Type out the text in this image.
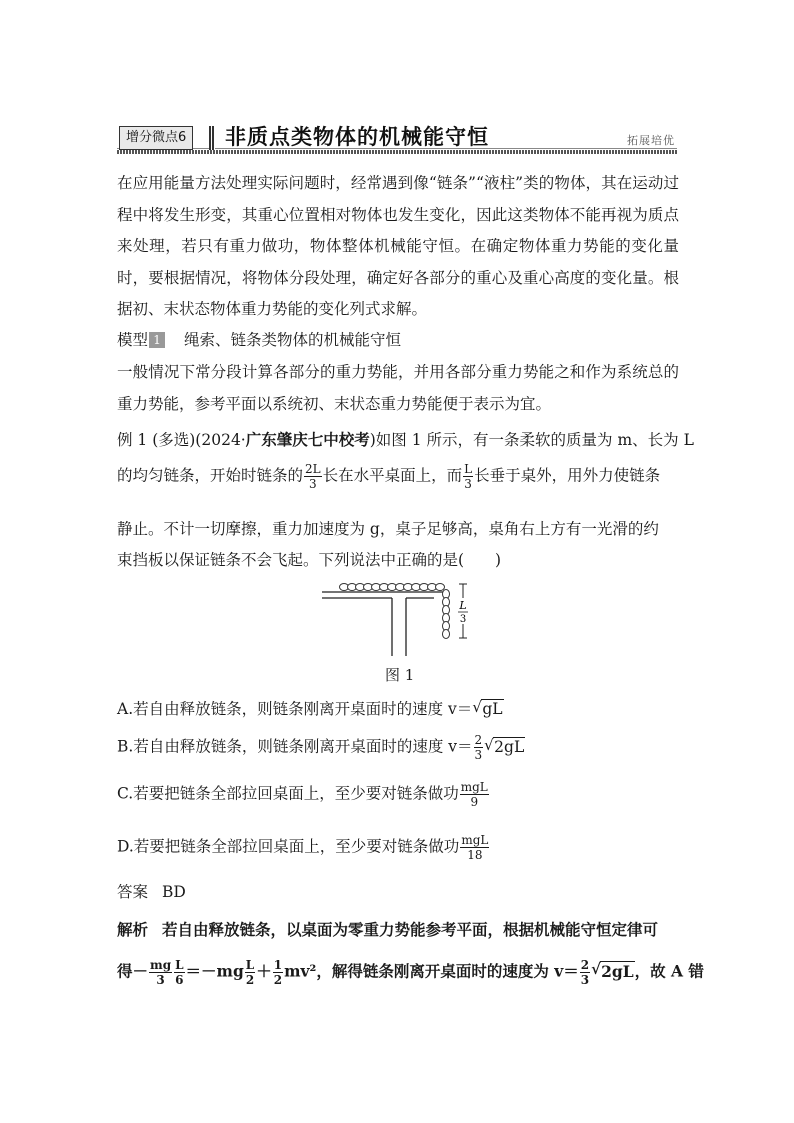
增分微点6	非质点类物体的机械能守恒	拓展培优
在应用能量方法处理实际问题时，经常遇到像“链条”“液柱”类的物体，其在运动过程中将发生形变，其重心位置相对物体也发生变化，因此这类物体不能再视为质点来处理，若只有重力做功，物体整体机械能守恒。在确定物体重力势能的变化量时，要根据情况，将物体分段处理，确定好各部分的重心及重心高度的变化量。根据初、末状态物体重力势能的变化列式求解。
模型 1 绳索、链条类物体的机械能守恒
一般情况下常分段计算各部分的重力势能，并用各部分重力势能之和作为系统总的重力势能，参考平面以系统初、末状态重力势能便于表示为宜。
例 1 (多选)(2024·广东肇庆七中校考)如图 1 所示，有一条柔软的质量为 m、长为 L
的均匀链条，开始时链条的 $\frac{2L}{3}$ 长在水平桌面上，而 $\frac{L}{3}$ 长垂于桌外，用外力使链条
静止。不计一切摩擦，重力加速度为 g，桌子足够高，桌角右上方有一光滑的约
束挡板以保证链条不会飞起。下列说法中正确的是(　　)
L
3
图 1
A.若自由释放链条，则链条刚离开桌面时的速度 v＝ √ gL
B.若自由释放链条，则链条刚离开桌面时的速度 $v= \frac{2}{3}$ √ 2gL
C.若要把链条全部拉回桌面上，至少要对链条做功 $\frac{\text{mgL}}{9}$
D.若要把链条全部拉回桌面上，至少要对链条做功 $\frac{\text{mgL}}{18}$
答案 BD
解析 若自由释放链条，以桌面为零重力势能参考平面，根据机械能守恒定律可
得－ $\frac{mg}{3} \frac{L}{6} =-mg \frac{L}{2} + \frac{1}{2} mv^2$，解得链条刚离开桌面时的速度为 $v= \frac{2}{3}$ √ 2gL，故 A 错
